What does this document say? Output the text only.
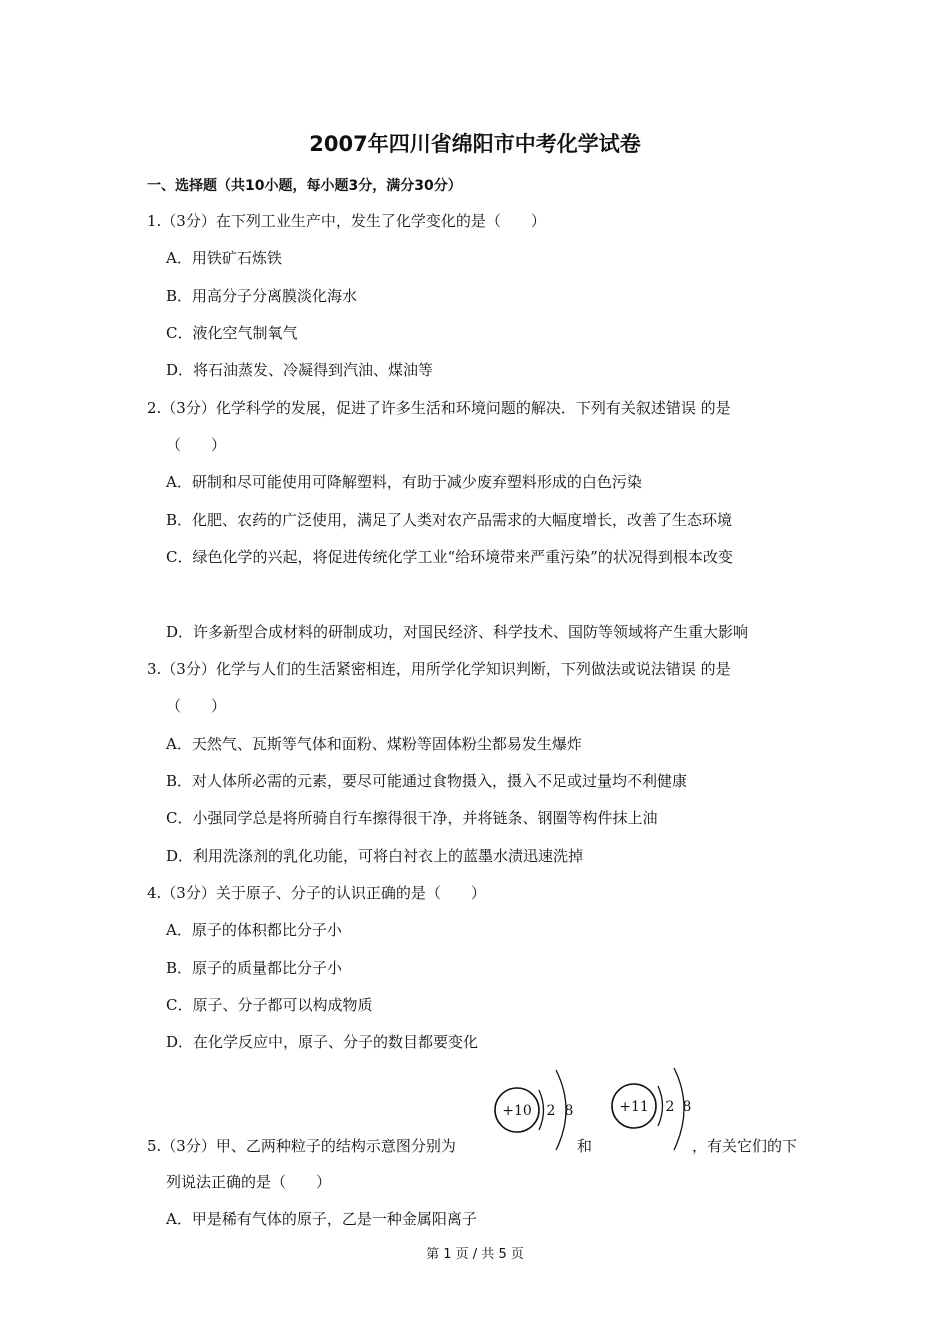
2007年四川省绵阳市中考化学试卷
一、选择题（共10小题，每小题3分，满分30分）
1.（3分）在下列工业生产中，发生了化学变化的是（　　）
A．用铁矿石炼铁
B．用高分子分离膜淡化海水
C．液化空气制氧气
D．将石油蒸发、冷凝得到汽油、煤油等
2.（3分）化学科学的发展，促进了许多生活和环境问题的解决．下列有关叙述错误 的是
（　　）
A．研制和尽可能使用可降解塑料，有助于减少废弃塑料形成的白色污染
B．化肥、农药的广泛使用，满足了人类对农产品需求的大幅度增长，改善了生态环境
C．绿色化学的兴起，将促进传统化学工业“给环境带来严重污染”的状况得到根本改变
D．许多新型合成材料的研制成功，对国民经济、科学技术、国防等领域将产生重大影响
3.（3分）化学与人们的生活紧密相连，用所学化学知识判断，下列做法或说法错误 的是
（　　）
A．天然气、瓦斯等气体和面粉、煤粉等固体粉尘都易发生爆炸
B．对人体所必需的元素，要尽可能通过食物摄入，摄入不足或过量均不利健康
C．小强同学总是将所骑自行车擦得很干净，并将链条、钢圈等构件抹上油
D．利用洗涤剂的乳化功能，可将白衬衣上的蓝墨水渍迅速洗掉
4.（3分）关于原子、分子的认识正确的是（　　）
A．原子的体积都比分子小
B．原子的质量都比分子小
C．原子、分子都可以构成物质
D．在化学反应中，原子、分子的数目都要变化
5.（3分）甲、乙两种粒子的结构示意图分别为
+10 2 8
和
+11 2 8
，有关它们的下
列说法正确的是（　　）
A．甲是稀有气体的原子，乙是一种金属阳离子
第 1 页 / 共 5 页
